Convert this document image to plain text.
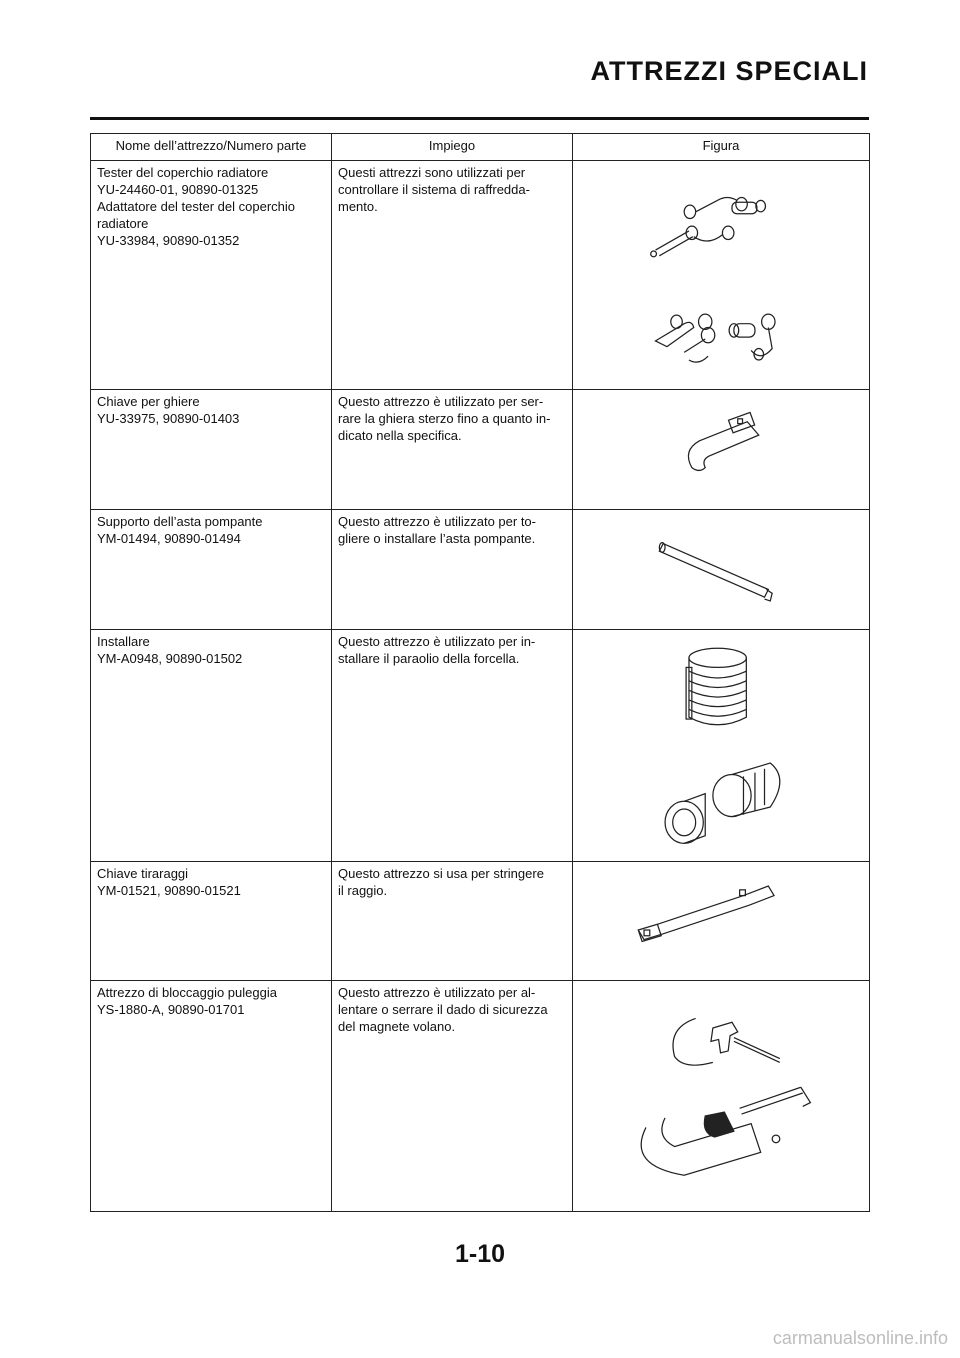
ATTREZZI SPECIALI
Nome dell’attrezzo/Numero parte	Impiego	Figura

Tester del coperchio radiatore
YU-24460-01, 90890-01325
Adattatore del tester del coperchio
radiatore
YU-33984, 90890-01352	Questi attrezzi sono utilizzati per
controllare il sistema di raffredda-
mento.

Chiave per ghiere
YU-33975, 90890-01403	Questo attrezzo è utilizzato per ser-
rare la ghiera sterzo fino a quanto in-
dicato nella specifica.

Supporto dell’asta pompante
YM-01494, 90890-01494	Questo attrezzo è utilizzato per to-
gliere o installare l’asta pompante.

Installare
YM-A0948, 90890-01502	Questo attrezzo è utilizzato per in-
stallare il paraolio della forcella.

Chiave tiraraggi
YM-01521, 90890-01521	Questo attrezzo si usa per stringere
il raggio.

Attrezzo di bloccaggio puleggia
YS-1880-A, 90890-01701	Questo attrezzo è utilizzato per al-
lentare o serrare il dado di sicurezza
del magnete volano.

1-10
carmanualsonline.info
